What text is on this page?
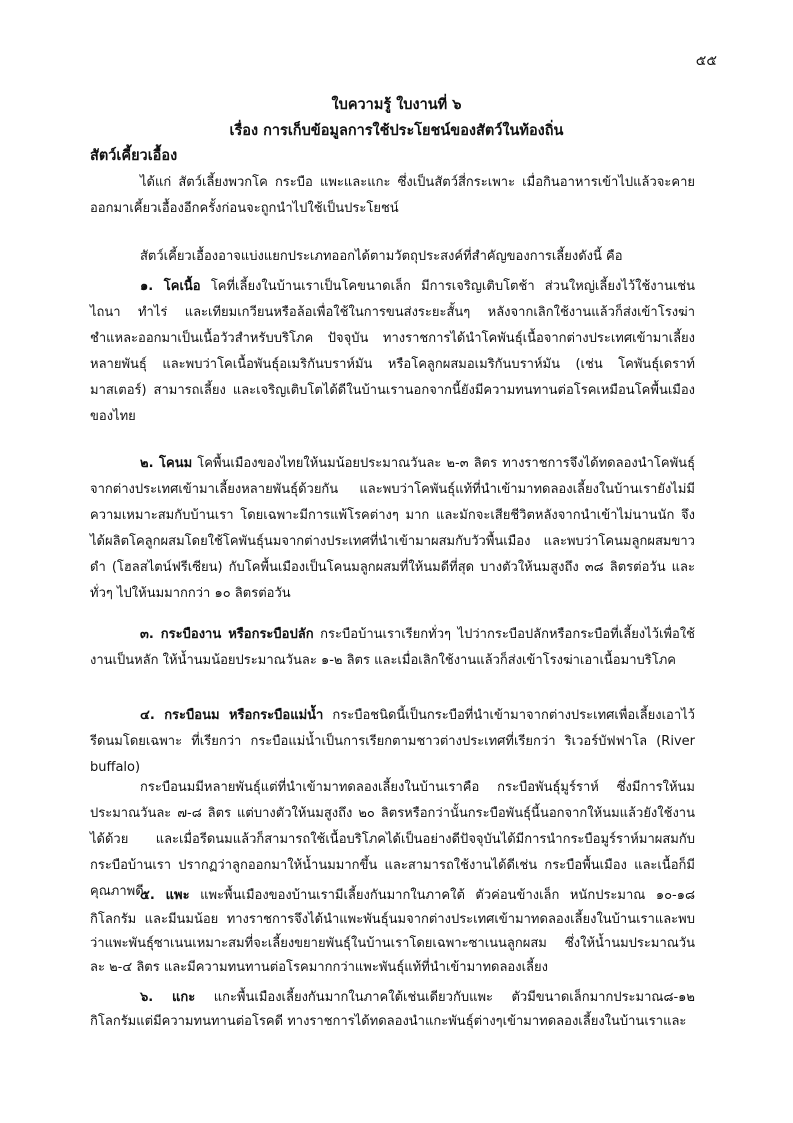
๕๕
ใบความรู้ ใบงานที่ ๖
เรื่อง การเก็บข้อมูลการใช้ประโยชน์ของสัตว์ในท้องถิ่น
สัตว์เคี้ยวเอื้อง

ได้แก่ สัตว์เลี้ยงพวกโค กระบือ แพะและแกะ ซึ่งเป็นสัตว์สี่กระเพาะ เมื่อกินอาหารเข้าไปแล้วจะคายออกมาเคี้ยวเอื้องอีกครั้งก่อนจะถูกนำไปใช้เป็นประโยชน์

สัตว์เคี้ยวเอื้องอาจแบ่งแยกประเภทออกได้ตามวัตถุประสงค์ที่สำคัญของการเลี้ยงดังนี้ คือ

๑. โคเนื้อ โคที่เลี้ยงในบ้านเราเป็นโคขนาดเล็ก มีการเจริญเติบโตช้า ส่วนใหญ่เลี้ยงไว้ใช้งานเช่นไถนา ทำไร่ และเทียมเกวียนหรือล้อเพื่อใช้ในการขนส่งระยะสั้นๆ หลังจากเลิกใช้งานแล้วก็ส่งเข้าโรงฆ่าชำแหละออกมาเป็นเนื้อวัวสำหรับบริโภค ปัจจุบัน ทางราชการได้นำโคพันธุ์เนื้อจากต่างประเทศเข้ามาเลี้ยงหลายพันธุ์ และพบว่าโคเนื้อพันธุ์อเมริกันบราห์มัน หรือโคลูกผสมอเมริกันบราห์มัน (เช่น โคพันธุ์เดราท์มาสเตอร์) สามารถเลี้ยง และเจริญเติบโตได้ดีในบ้านเรานอกจากนี้ยังมีความทนทานต่อโรคเหมือนโคพื้นเมืองของไทย

๒. โคนม โคพื้นเมืองของไทยให้นมน้อยประมาณวันละ ๒-๓ ลิตร ทางราชการจึงได้ทดลองนำโคพันธุ์จากต่างประเทศเข้ามาเลี้ยงหลายพันธุ์ด้วยกัน และพบว่าโคพันธุ์แท้ที่นำเข้ามาทดลองเลี้ยงในบ้านเรายังไม่มีความเหมาะสมกับบ้านเรา โดยเฉพาะมีการแพ้โรคต่างๆ มาก และมักจะเสียชีวิตหลังจากนำเข้าไม่นานนัก จึงได้ผลิตโคลูกผสมโดยใช้โคพันธุ์นมจากต่างประเทศที่นำเข้ามาผสมกับวัวพื้นเมือง และพบว่าโคนมลูกผสมขาวดำ (โฮลสไตน์ฟรีเซียน) กับโคพื้นเมืองเป็นโคนมลูกผสมที่ให้นมดีที่สุด บางตัวให้นมสูงถึง ๓๘ ลิตรต่อวัน และทั่วๆ ไปให้นมมากกว่า ๑๐ ลิตรต่อวัน

๓. กระบืองาน หรือกระบือปลัก กระบือบ้านเราเรียกทั่วๆ ไปว่ากระบือปลักหรือกระบือที่เลี้ยงไว้เพื่อใช้งานเป็นหลัก ให้น้ำนมน้อยประมาณวันละ ๑-๒ ลิตร และเมื่อเลิกใช้งานแล้วก็ส่งเข้าโรงฆ่าเอาเนื้อมาบริโภค

๔. กระบือนม หรือกระบือแม่น้ำ กระบือชนิดนี้เป็นกระบือที่นำเข้ามาจากต่างประเทศเพื่อเลี้ยงเอาไว้รีดนมโดยเฉพาะ ที่เรียกว่า กระบือแม่น้ำเป็นการเรียกตามชาวต่างประเทศที่เรียกว่า ริเวอร์บัฟฟาโล (River buffalo)

กระบือนมมีหลายพันธุ์แต่ที่นำเข้ามาทดลองเลี้ยงในบ้านเราคือ กระบือพันธุ์มูร์ราห์ ซึ่งมีการให้นมประมาณวันละ ๗-๘ ลิตร แต่บางตัวให้นมสูงถึง ๒๐ ลิตรหรือกว่านั้นกระบือพันธุ์นี้นอกจากให้นมแล้วยังใช้งานได้ด้วย และเมื่อรีดนมแล้วก็สามารถใช้เนื้อบริโภคได้เป็นอย่างดีปัจจุบันได้มีการนำกระบือมูร์ราห์มาผสมกับกระบือบ้านเรา ปรากฏว่าลูกออกมาให้น้ำนมมากขึ้น และสามารถใช้งานได้ดีเช่น กระบือพื้นเมือง และเนื้อก็มีคุณภาพดี

๕. แพะ แพะพื้นเมืองของบ้านเรามีเลี้ยงกันมากในภาคใต้ ตัวค่อนข้างเล็ก หนักประมาณ ๑๐-๑๘ กิโลกรัม และมีนมน้อย ทางราชการจึงได้นำแพะพันธุ์นมจากต่างประเทศเข้ามาทดลองเลี้ยงในบ้านเราและพบว่าแพะพันธุ์ซาเนนเหมาะสมที่จะเลี้ยงขยายพันธุ์ในบ้านเราโดยเฉพาะซาเนนลูกผสม ซึ่งให้น้ำนมประมาณวันละ ๒-๔ ลิตร และมีความทนทานต่อโรคมากกว่าแพะพันธุ์แท้ที่นำเข้ามาทดลองเลี้ยง

๖. แกะ แกะพื้นเมืองเลี้ยงกันมากในภาคใต้เช่นเดียวกับแพะ ตัวมีขนาดเล็กมากประมาณ๘-๑๒ กิโลกรัมแต่มีความทนทานต่อโรคดี ทางราชการได้ทดลองนำแกะพันธุ์ต่างๆเข้ามาทดลองเลี้ยงในบ้านเราและ
